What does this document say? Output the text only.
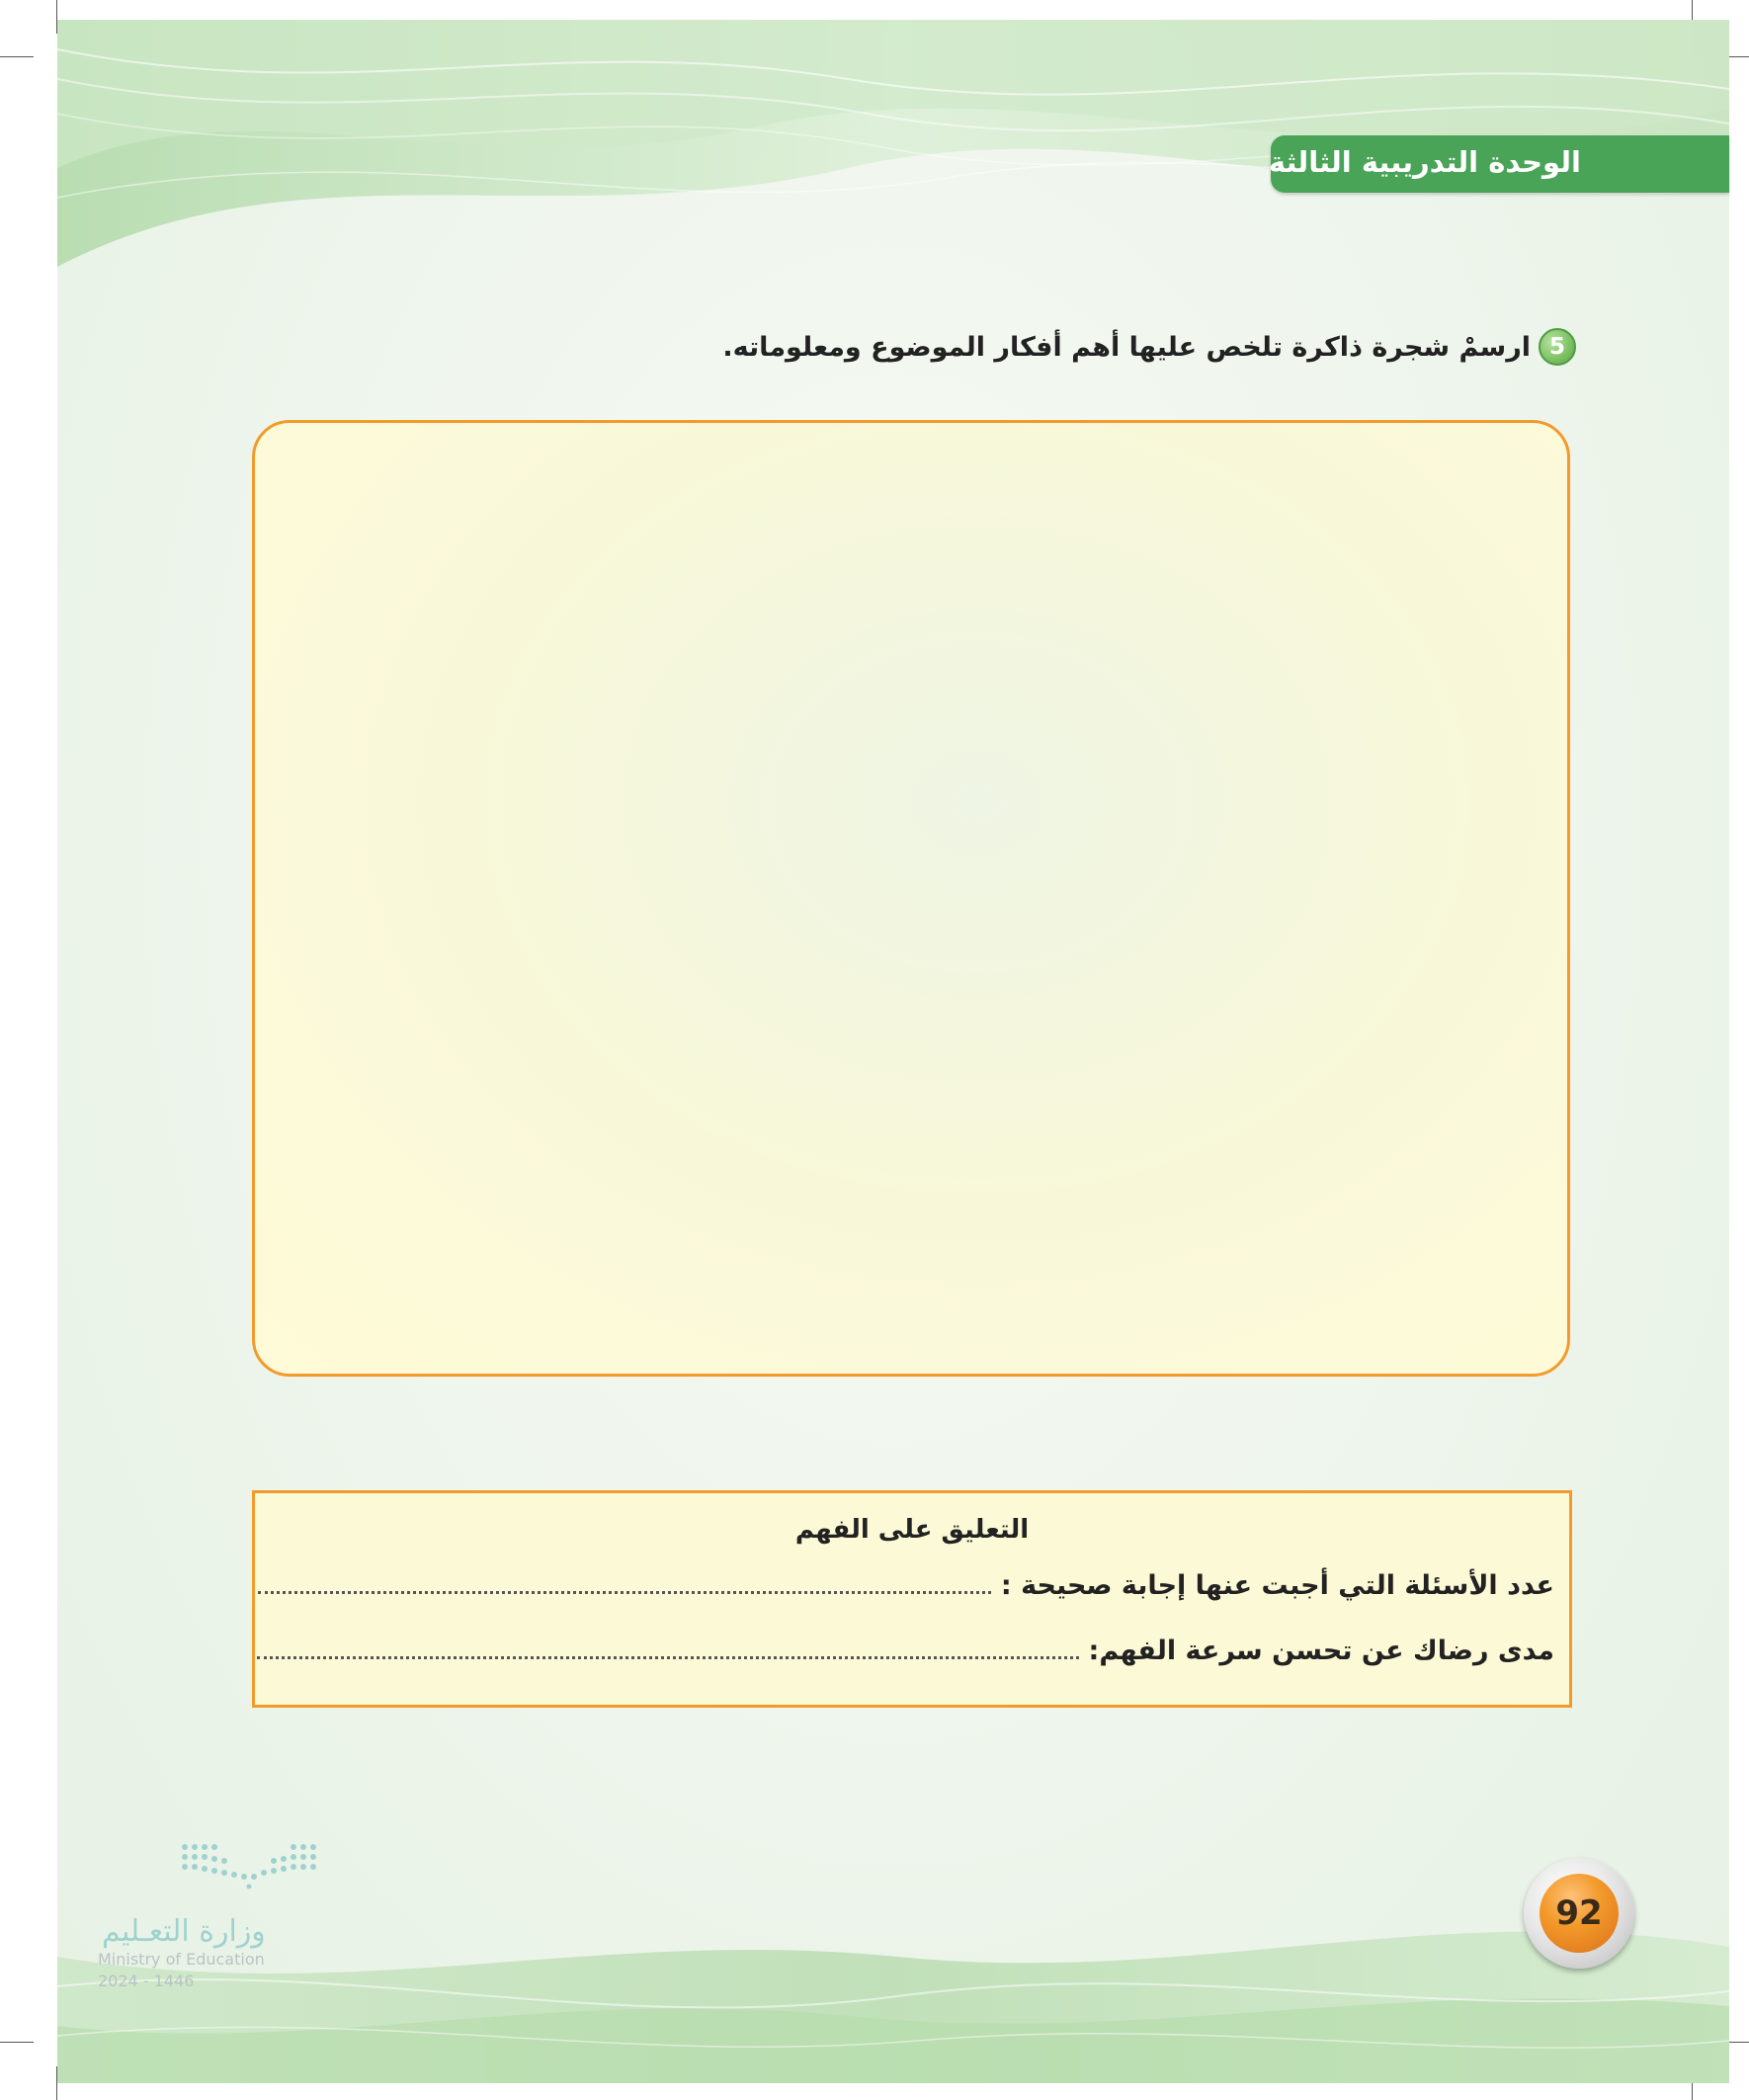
الوحدة التدريبية الثالثة
5
ارسمْ شجرة ذاكرة تلخص عليها أهم أفكار الموضوع ومعلوماته.
التعليق على الفهم
عدد الأسئلة التي أجبت عنها إجابة صحيحة :
مدى رضاك عن تحسن سرعة الفهم:
92
وزارة التعـليم
Ministry of Education
2024 - 1446
